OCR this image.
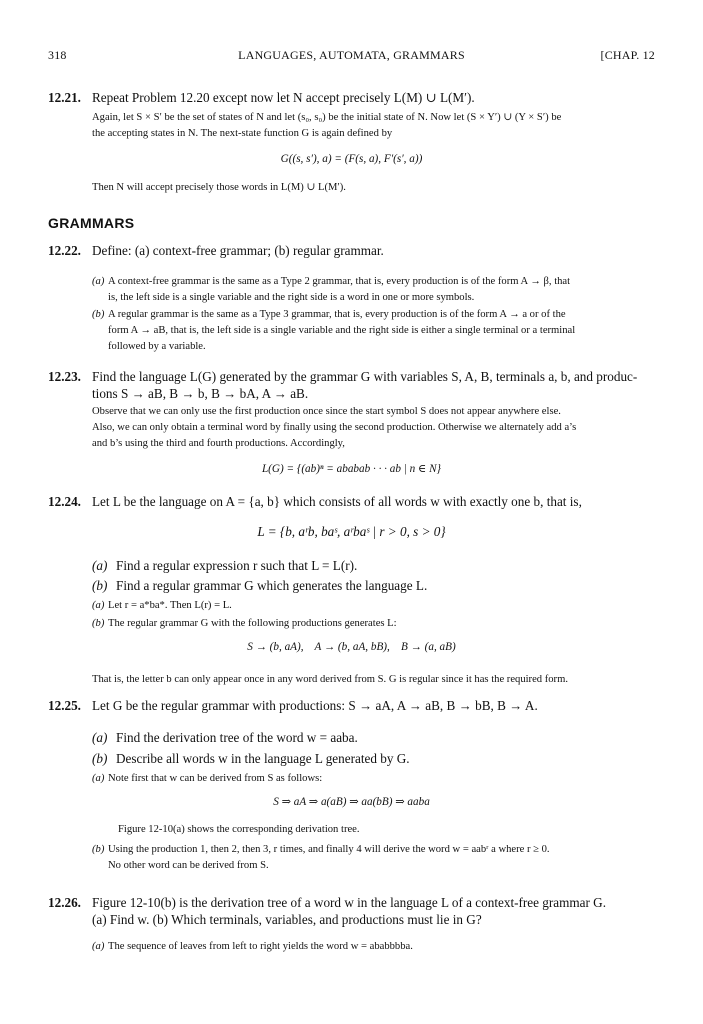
318	LANGUAGES, AUTOMATA, GRAMMARS	[CHAP. 12
12.21. Repeat Problem 12.20 except now let N accept precisely L(M) ∪ L(M′).
Again, let S × S′ be the set of states of N and let (s₀, s₀) be the initial state of N. Now let (S × Y′) ∪ (Y × S′) be
the accepting states in N. The next-state function G is again defined by
G((s, s′), a) = (F(s, a), F′(s′, a))
Then N will accept precisely those words in L(M) ∪ L(M′).
GRAMMARS
12.22. Define: (a) context-free grammar; (b) regular grammar.
(a) A context-free grammar is the same as a Type 2 grammar, that is, every production is of the form A → β, that
is, the left side is a single variable and the right side is a word in one or more symbols.
(b) A regular grammar is the same as a Type 3 grammar, that is, every production is of the form A → a or of the
form A → aB, that is, the left side is a single variable and the right side is either a single terminal or a terminal
followed by a variable.
12.23. Find the language L(G) generated by the grammar G with variables S, A, B, terminals a, b, and produc-
tions S → aB, B → b, B → bA, A → aB.
Observe that we can only use the first production once since the start symbol S does not appear anywhere else.
Also, we can only obtain a terminal word by finally using the second production. Otherwise we alternately add a’s
and b’s using the third and fourth productions. Accordingly,
L(G) = {(ab)ⁿ = ababab · · · ab | n ∈ N}
12.24. Let L be the language on A = {a, b} which consists of all words w with exactly one b, that is,
L = {b, aʳb, baˢ, aʳbaˢ | r > 0, s > 0}
(a) Find a regular expression r such that L = L(r).
(b) Find a regular grammar G which generates the language L.
(a) Let r = a*ba*. Then L(r) = L.
(b) The regular grammar G with the following productions generates L:
S → (b, aA),    A → (b, aA, bB),    B → (a, aB)
That is, the letter b can only appear once in any word derived from S. G is regular since it has the required form.
12.25. Let G be the regular grammar with productions: S → aA, A → aB, B → bB, B → A.
(a) Find the derivation tree of the word w = aaba.
(b) Describe all words w in the language L generated by G.
(a) Note first that w can be derived from S as follows:
S ⇒ aA ⇒ a(aB) ⇒ aa(bB) ⇒ aaba
Figure 12-10(a) shows the corresponding derivation tree.
(b) Using the production 1, then 2, then 3, r times, and finally 4 will derive the word w = aabʳ a where r ≥ 0.
No other word can be derived from S.
12.26. Figure 12-10(b) is the derivation tree of a word w in the language L of a context-free grammar G.
(a) Find w. (b) Which terminals, variables, and productions must lie in G?
(a) The sequence of leaves from left to right yields the word w = ababbbba.
